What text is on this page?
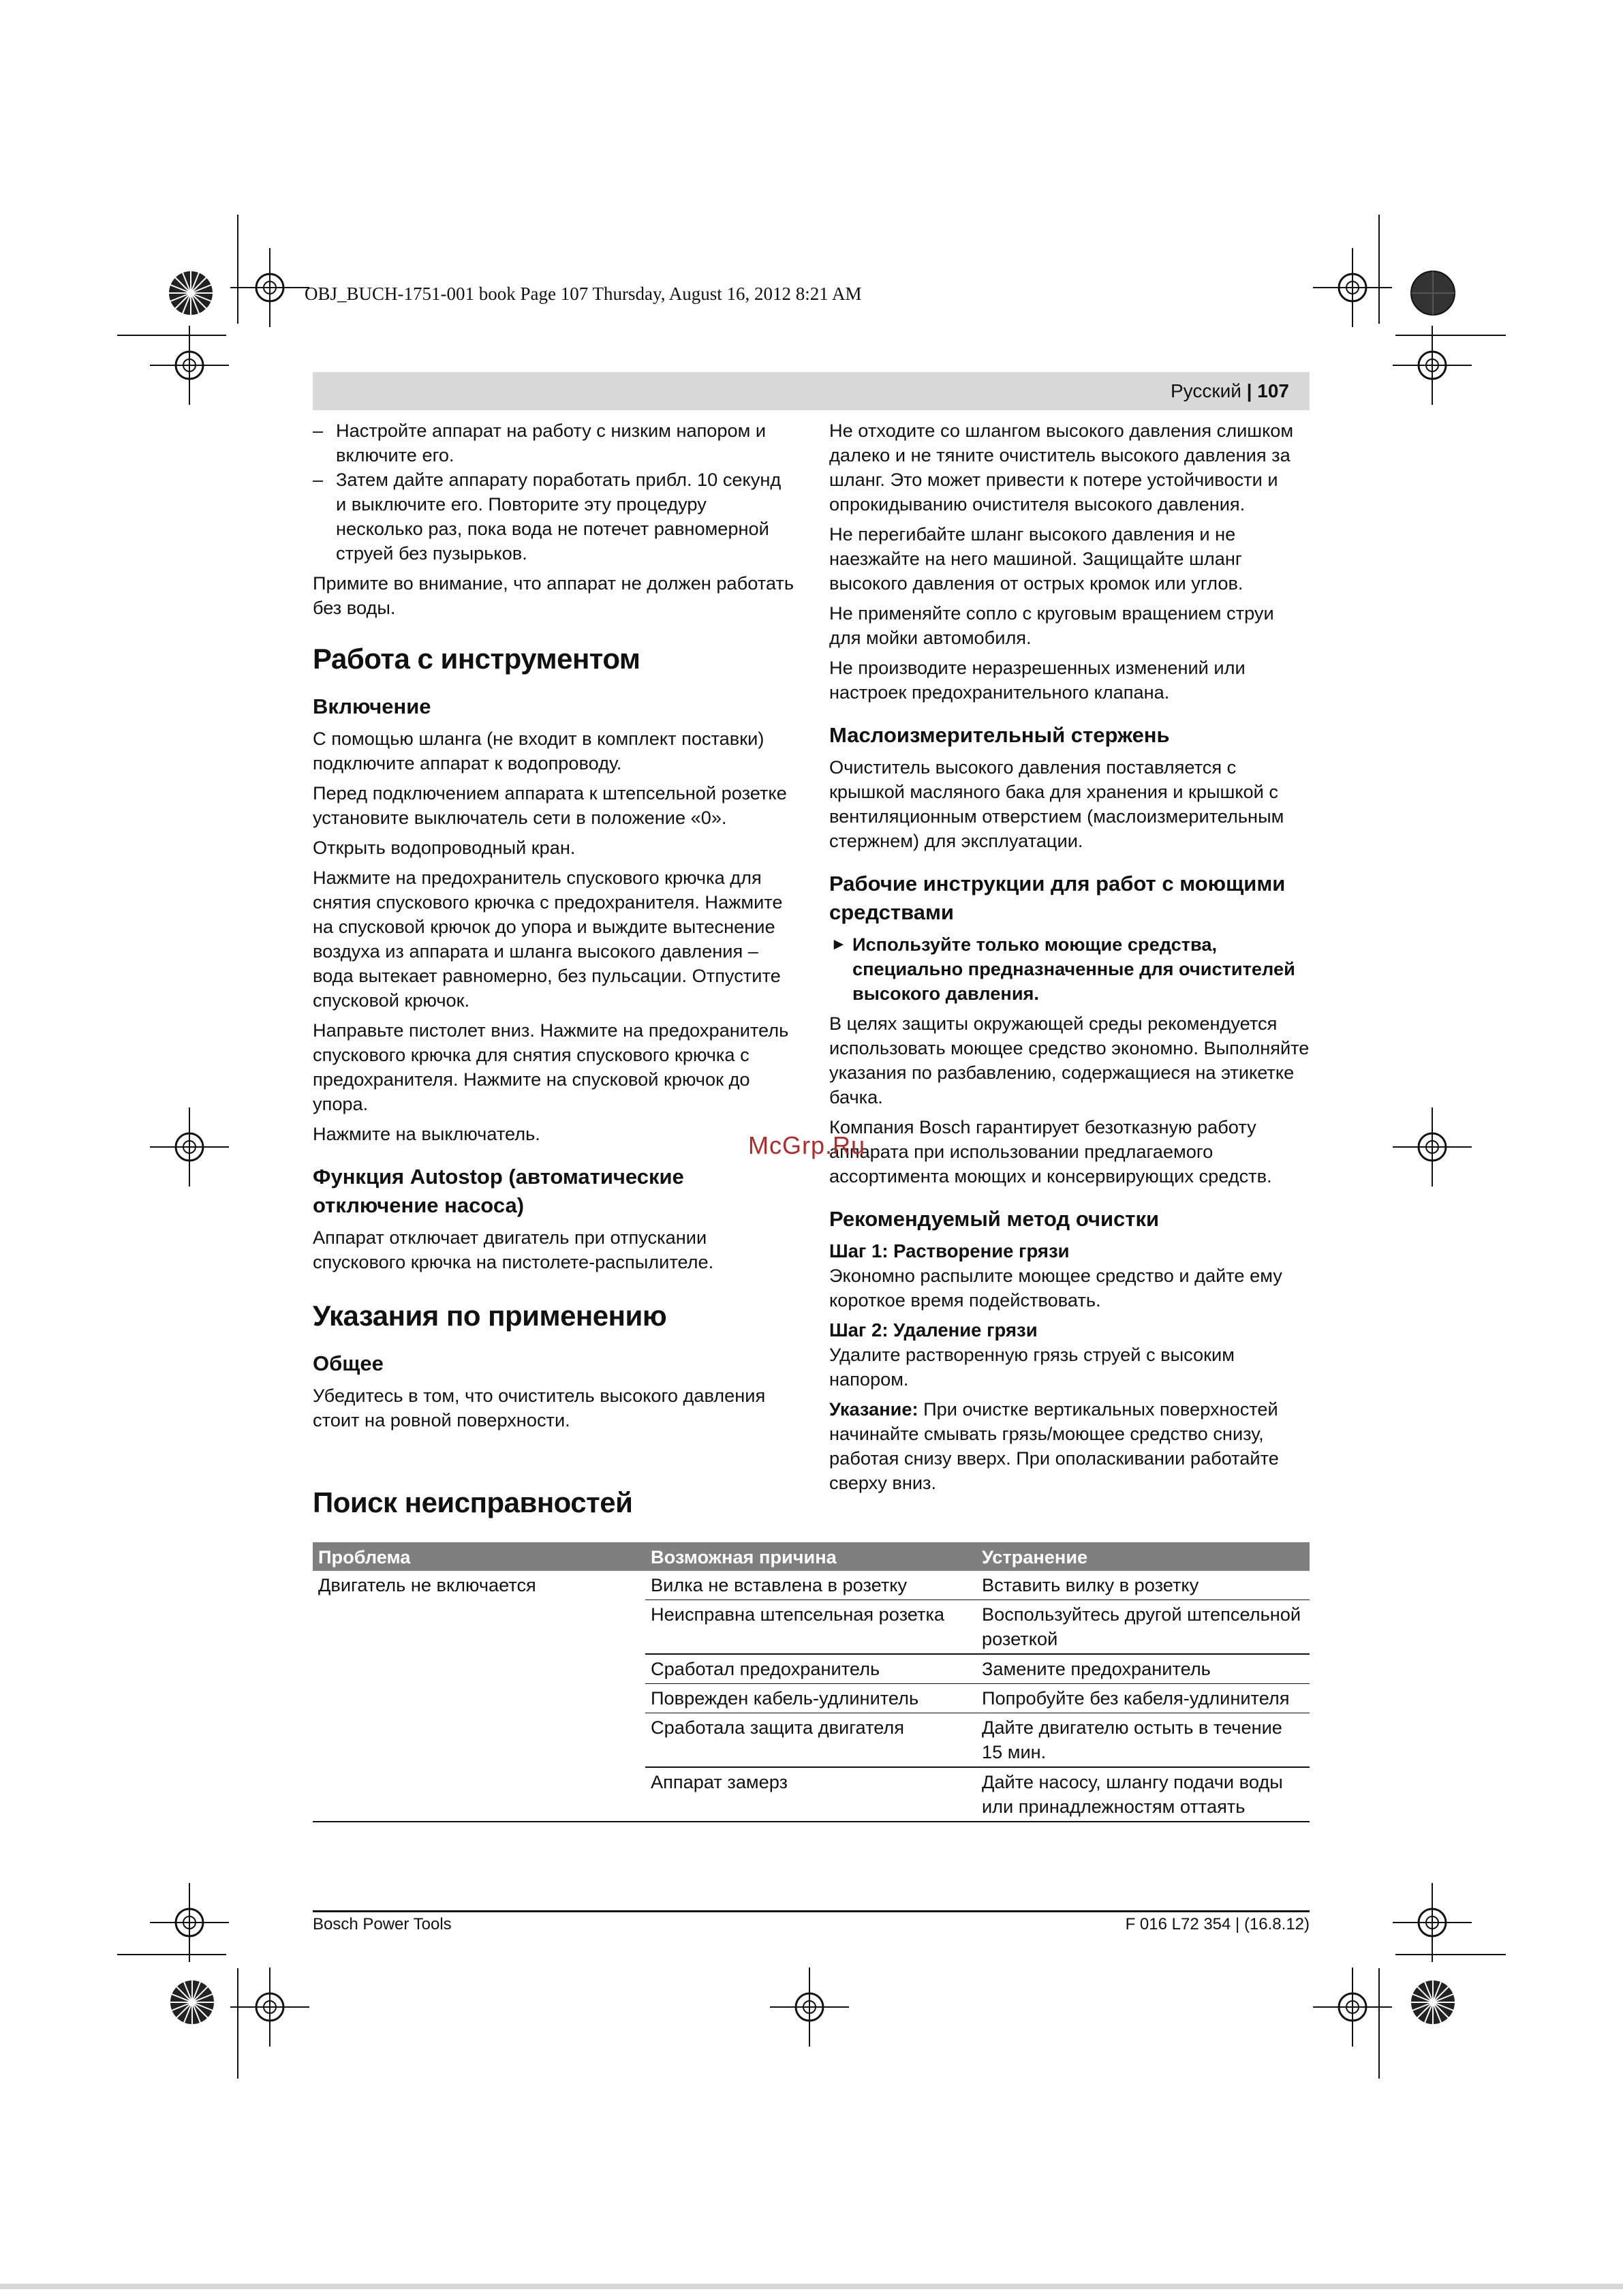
OBJ_BUCH-1751-001 book Page 107 Thursday, August 16, 2012 8:21 AM
Русский | 107

– Настройте аппарат на работу с низким напором и включите его.

– Затем дайте аппарату поработать прибл. 10 секунд и выключите его. Повторите эту процедуру несколько раз, пока вода не потечет равномерной струей без пузырьков.

Примите во внимание, что аппарат не должен работать без воды.

Работа с инструментом
Включение

С помощью шланга (не входит в комплект поставки) подключите аппарат к водопроводу.

Перед подключением аппарата к штепсельной розетке установите выключатель сети в положение «0».

Открыть водопроводный кран.

Нажмите на предохранитель спускового крючка для снятия спускового крючка с предохранителя. Нажмите на спусковой крючок до упора и выждите вытеснение воздуха из аппарата и шланга высокого давления – вода вытекает равномерно, без пульсации. Отпустите спусковой крючок.

Направьте пистолет вниз. Нажмите на предохранитель спускового крючка для снятия спускового крючка с предохранителя. Нажмите на спусковой крючок до упора.

Нажмите на выключатель.

Функция Autostop (автоматические отключение насоса)

Аппарат отключает двигатель при отпускании спускового крючка на пистолете-распылителе.

Указания по применению
Общее

Убедитесь в том, что очиститель высокого давления стоит на ровной поверхности.

Не отходите со шлангом высокого давления слишком далеко и не тяните очиститель высокого давления за шланг. Это может привести к потере устойчивости и опрокидыванию очистителя высокого давления.

Не перегибайте шланг высокого давления и не наезжайте на него машиной. Защищайте шланг высокого давления от острых кромок или углов.

Не применяйте сопло с круговым вращением струи для мойки автомобиля.

Не производите неразрешенных изменений или настроек предохранительного клапана.

Маслоизмерительный стержень

Очиститель высокого давления поставляется с крышкой масляного бака для хранения и крышкой с вентиляционным отверстием (маслоизмерительным стержнем) для эксплуатации.

Рабочие инструкции для работ с моющими средствами

► Используйте только моющие средства, специально предназначенные для очистителей высокого давления.

В целях защиты окружающей среды рекомендуется использовать моющее средство экономно. Выполняйте указания по разбавлению, содержащиеся на этикетке бачка.

Компания Bosch гарантирует безотказную работу аппарата при использовании предлагаемого ассортимента моющих и консервирующих средств.

Рекомендуемый метод очистки
Шаг 1: Растворение грязи

Экономно распылите моющее средство и дайте ему короткое время подействовать.

Шаг 2: Удаление грязи

Удалите растворенную грязь струей с высоким напором.

Указание: При очистке вертикальных поверхностей начинайте смывать грязь/моющее средство снизу, работая снизу вверх. При ополаскивании работайте сверху вниз.

McGrp.Ru
Поиск неисправностей
Проблема	Возможная причина	Устранение
Двигатель не включается	Вилка не вставлена в розетку	Вставить вилку в розетку
	Неисправна штепсельная розетка	Воспользуйтесь другой штепсельной розеткой
	Сработал предохранитель	Замените предохранитель
	Поврежден кабель-удлинитель	Попробуйте без кабеля-удлинителя
	Сработала защита двигателя	Дайте двигателю остыть в течение 15 мин.
	Аппарат замерз	Дайте насосу, шлангу подачи воды или принадлежностям оттаять
Bosch Power Tools	F 016 L72 354 | (16.8.12)
